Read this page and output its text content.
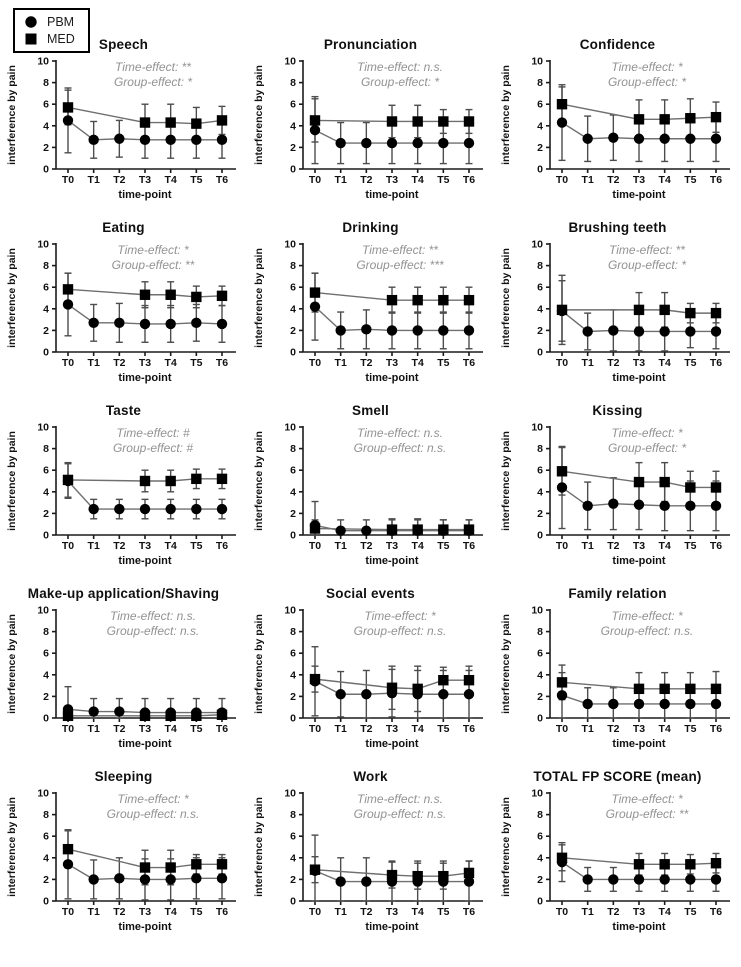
PBM
MED Speech
Time-effect: **
Group-effect: *
0
2
4
6
8
10
T0 T1 T2 T3 T4 T5 T6
time-point
interference by pain
Pronunciation
Time-effect: n.s.
Group-effect: *
0
2
4
6
8
10
T0 T1 T2 T3 T4 T5 T6
time-point
interference by pain
Confidence
Time-effect: *
Group-effect: *
0
2
4
6
8
10
T0 T1 T2 T3 T4 T5 T6
time-point
interference by pain
Eating
Time-effect: *
Group-effect: **
0
2
4
6
8
10
T0 T1 T2 T3 T4 T5 T6
time-point
interference by pain
Drinking
Time-effect: **
Group-effect: ***
0
2
4
6
8
10
T0 T1 T2 T3 T4 T5 T6
time-point
interference by pain
Brushing teeth
Time-effect: **
Group-effect: *
0
2
4
6
8
10
T0 T1 T2 T3 T4 T5 T6
time-point
interference by pain
Taste
Time-effect: #
Group-effect: #
0
2
4
6
8
10
T0 T1 T2 T3 T4 T5 T6
time-point
interference by pain
Smell
Time-effect: n.s.
Group-effect: n.s.
0
2
4
6
8
10
T0 T1 T2 T3 T4 T5 T6
time-point
interference by pain
Kissing
Time-effect: *
Group-effect: *
0
2
4
6
8
10
T0 T1 T2 T3 T4 T5 T6
time-point
interference by pain
Make-up application/Shaving
Time-effect: n.s.
Group-effect: n.s.
0
2
4
6
8
10
T0 T1 T2 T3 T4 T5 T6
time-point
interference by pain
Social events
Time-effect: *
Group-effect: n.s.
0
2
4
6
8
10
T0 T1 T2 T3 T4 T5 T6
time-point
interference by pain
Family relation
Time-effect: *
Group-effect: n.s.
0
2
4
6
8
10
T0 T1 T2 T3 T4 T5 T6
time-point
interference by pain
Sleeping
Time-effect: *
Group-effect: n.s.
0
2
4
6
8
10
T0 T1 T2 T3 T4 T5 T6
time-point
interference by pain
Work
Time-effect: n.s.
Group-effect: n.s.
0
2
4
6
8
10
T0 T1 T2 T3 T4 T5 T6
time-point
interference by pain
TOTAL FP SCORE (mean)
Time-effect: *
Group-effect: **
0
2
4
6
8
10
T0 T1 T2 T3 T4 T5 T6
time-point
interference by pain
